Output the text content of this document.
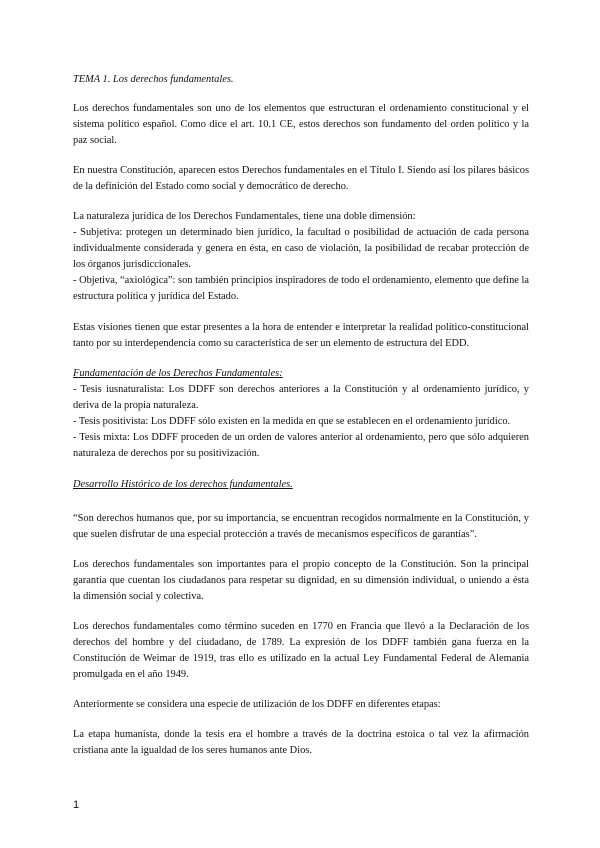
TEMA 1. Los derechos fundamentales.

Los derechos fundamentales son uno de los elementos que estructuran el ordenamiento constitucional y el sistema político español. Como dice el art. 10.1 CE, estos derechos son fundamento del orden político y la paz social.

En nuestra Constitución, aparecen estos Derechos fundamentales en el Título I. Siendo así los pilares básicos de la definición del Estado como social y democrático de derecho.

La naturaleza jurídica de los Derechos Fundamentales, tiene una doble dimensión:
- Subjetiva: protegen un determinado bien jurídico, la facultad o posibilidad de actuación de cada persona individualmente considerada y genera en ésta, en caso de violación, la posibilidad de recabar protección de los órganos jurisdiccionales.
- Objetiva, “axiológica”: son también principios inspiradores de todo el ordenamiento, elemento que define la estructura política y jurídica del Estado.

Estas visiones tienen que estar presentes a la hora de entender e interpretar la realidad político-constitucional tanto por su interdependencia como su característica de ser un elemento de estructura del EDD.

Fundamentación de los Derechos Fundamentales:
- Tesis iusnaturalista: Los DDFF son derechos anteriores a la Constitución y al ordenamiento jurídico, y deriva de la propia naturaleza.
- Tesis positivista: Los DDFF sólo existen en la medida en que se establecen en el ordenamiento jurídico.
- Tesis mixta: Los DDFF proceden de un orden de valores anterior al ordenamiento, pero que sólo adquieren naturaleza de derechos por su positivización.
Desarrollo Histórico de los derechos fundamentales.

“Son derechos humanos que, por su importancia, se encuentran recogidos normalmente en la Constitución, y que suelen disfrutar de una especial protección a través de mecanismos específicos de garantías”.

Los derechos fundamentales son importantes para el propio concepto de la Constitución. Son la principal garantía que cuentan los ciudadanos para respetar su dignidad, en su dimensión individual, o uniendo a ésta la dimensión social y colectiva.

Los derechos fundamentales como término suceden en 1770 en Francia que llevó a la Declaración de los derechos del hombre y del ciudadano, de 1789. La expresión de los DDFF también gana fuerza en la Constitución de Weimar de 1919, tras ello es utilizado en la actual Ley Fundamental Federal de Alemania promulgada en el año 1949.

Anteriormente se considera una especie de utilización de los DDFF en diferentes etapas:

La etapa humanista, donde la tesis era el hombre a través de la doctrina estoica o tal vez la afirmación cristiana ante la igualdad de los seres humanos ante Dios.

1
